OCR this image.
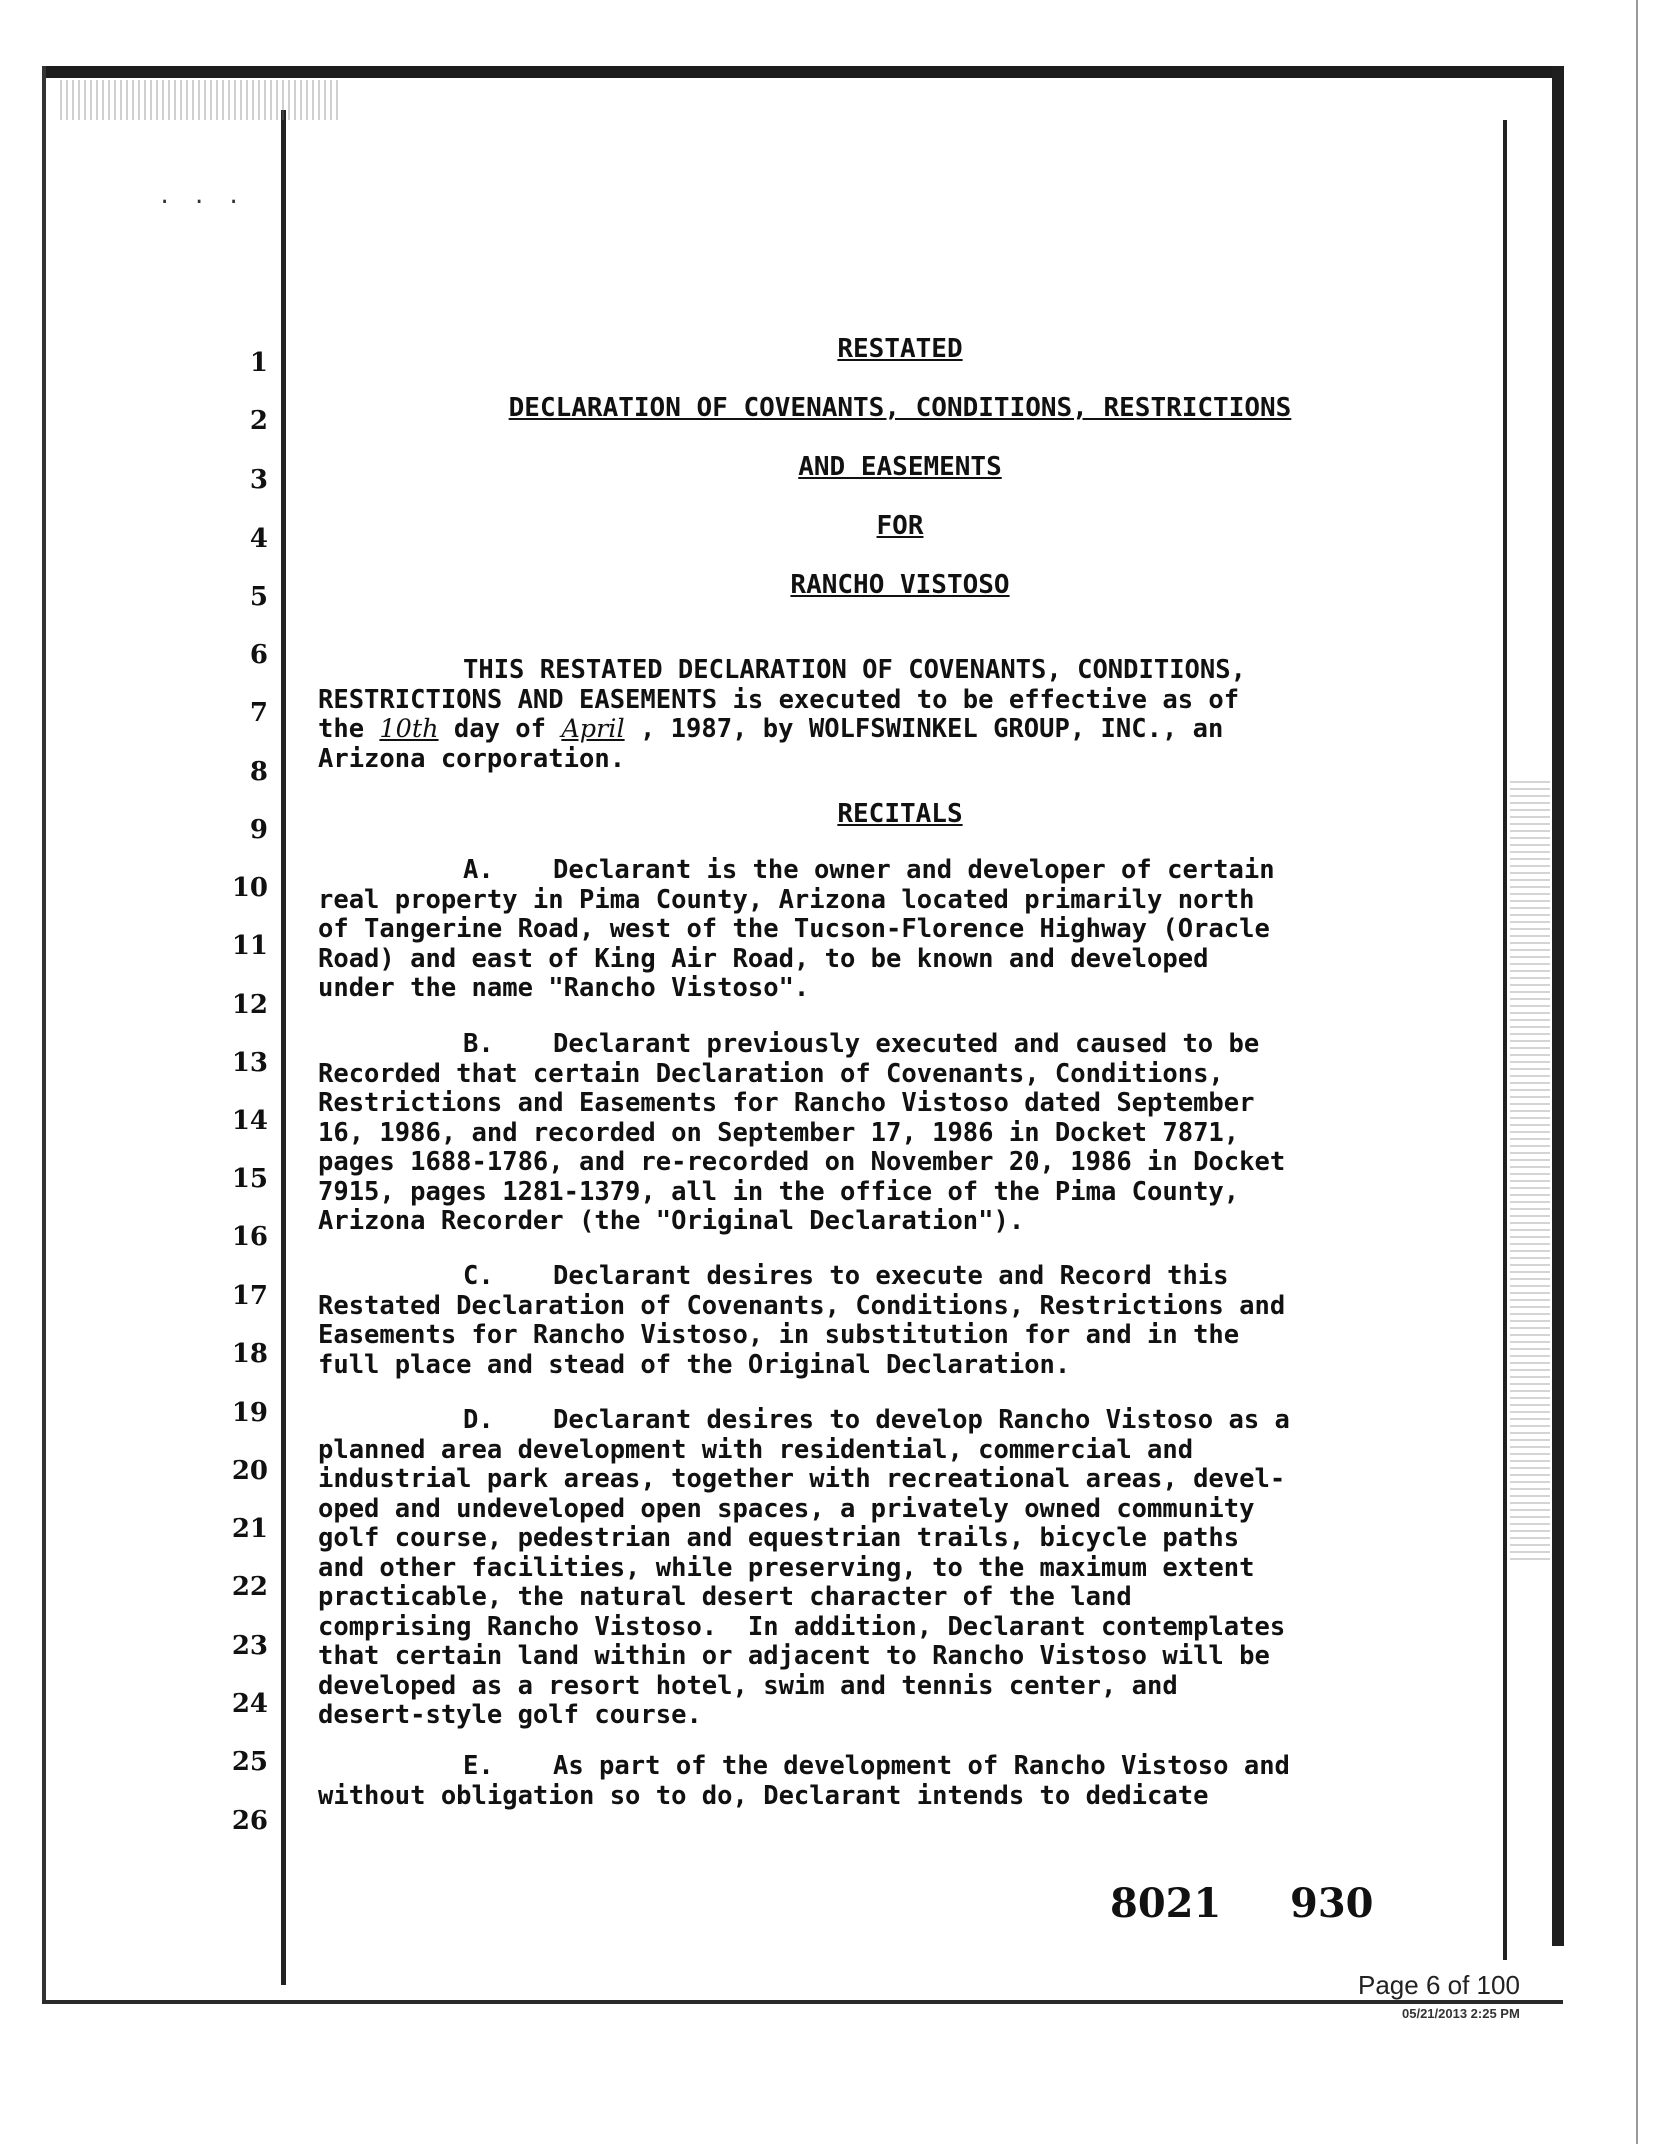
· · ·
1
2
3
4
5
6
7
8
9
10
11
12
13
14
15
16
17
18
19
20
21
22
23
24
25
26
RESTATED
DECLARATION OF COVENANTS, CONDITIONS, RESTRICTIONS
AND EASEMENTS
FOR
RANCHO VISTOSO

THIS RESTATED DECLARATION OF COVENANTS, CONDITIONS,
RESTRICTIONS AND EASEMENTS is executed to be effective as of
the 10th day of April , 1987, by WOLFSWINKEL GROUP, INC., an
Arizona corporation.

RECITALS

A. Declarant is the owner and developer of certain
real property in Pima County, Arizona located primarily north
of Tangerine Road, west of the Tucson-Florence Highway (Oracle
Road) and east of King Air Road, to be known and developed
under the name "Rancho Vistoso".

B. Declarant previously executed and caused to be
Recorded that certain Declaration of Covenants, Conditions,
Restrictions and Easements for Rancho Vistoso dated September
16, 1986, and recorded on September 17, 1986 in Docket 7871,
pages 1688-1786, and re-recorded on November 20, 1986 in Docket
7915, pages 1281-1379, all in the office of the Pima County,
Arizona Recorder (the "Original Declaration").

C. Declarant desires to execute and Record this
Restated Declaration of Covenants, Conditions, Restrictions and
Easements for Rancho Vistoso, in substitution for and in the
full place and stead of the Original Declaration.

D. Declarant desires to develop Rancho Vistoso as a
planned area development with residential, commercial and
industrial park areas, together with recreational areas, devel-
oped and undeveloped open spaces, a privately owned community
golf course, pedestrian and equestrian trails, bicycle paths
and other facilities, while preserving, to the maximum extent
practicable, the natural desert character of the land
comprising Rancho Vistoso.  In addition, Declarant contemplates
that certain land within or adjacent to Rancho Vistoso will be
developed as a resort hotel, swim and tennis center, and
desert-style golf course.

E. As part of the development of Rancho Vistoso and
without obligation so to do, Declarant intends to dedicate

8021 930
Page 6 of 100
05/21/2013 2:25 PM
